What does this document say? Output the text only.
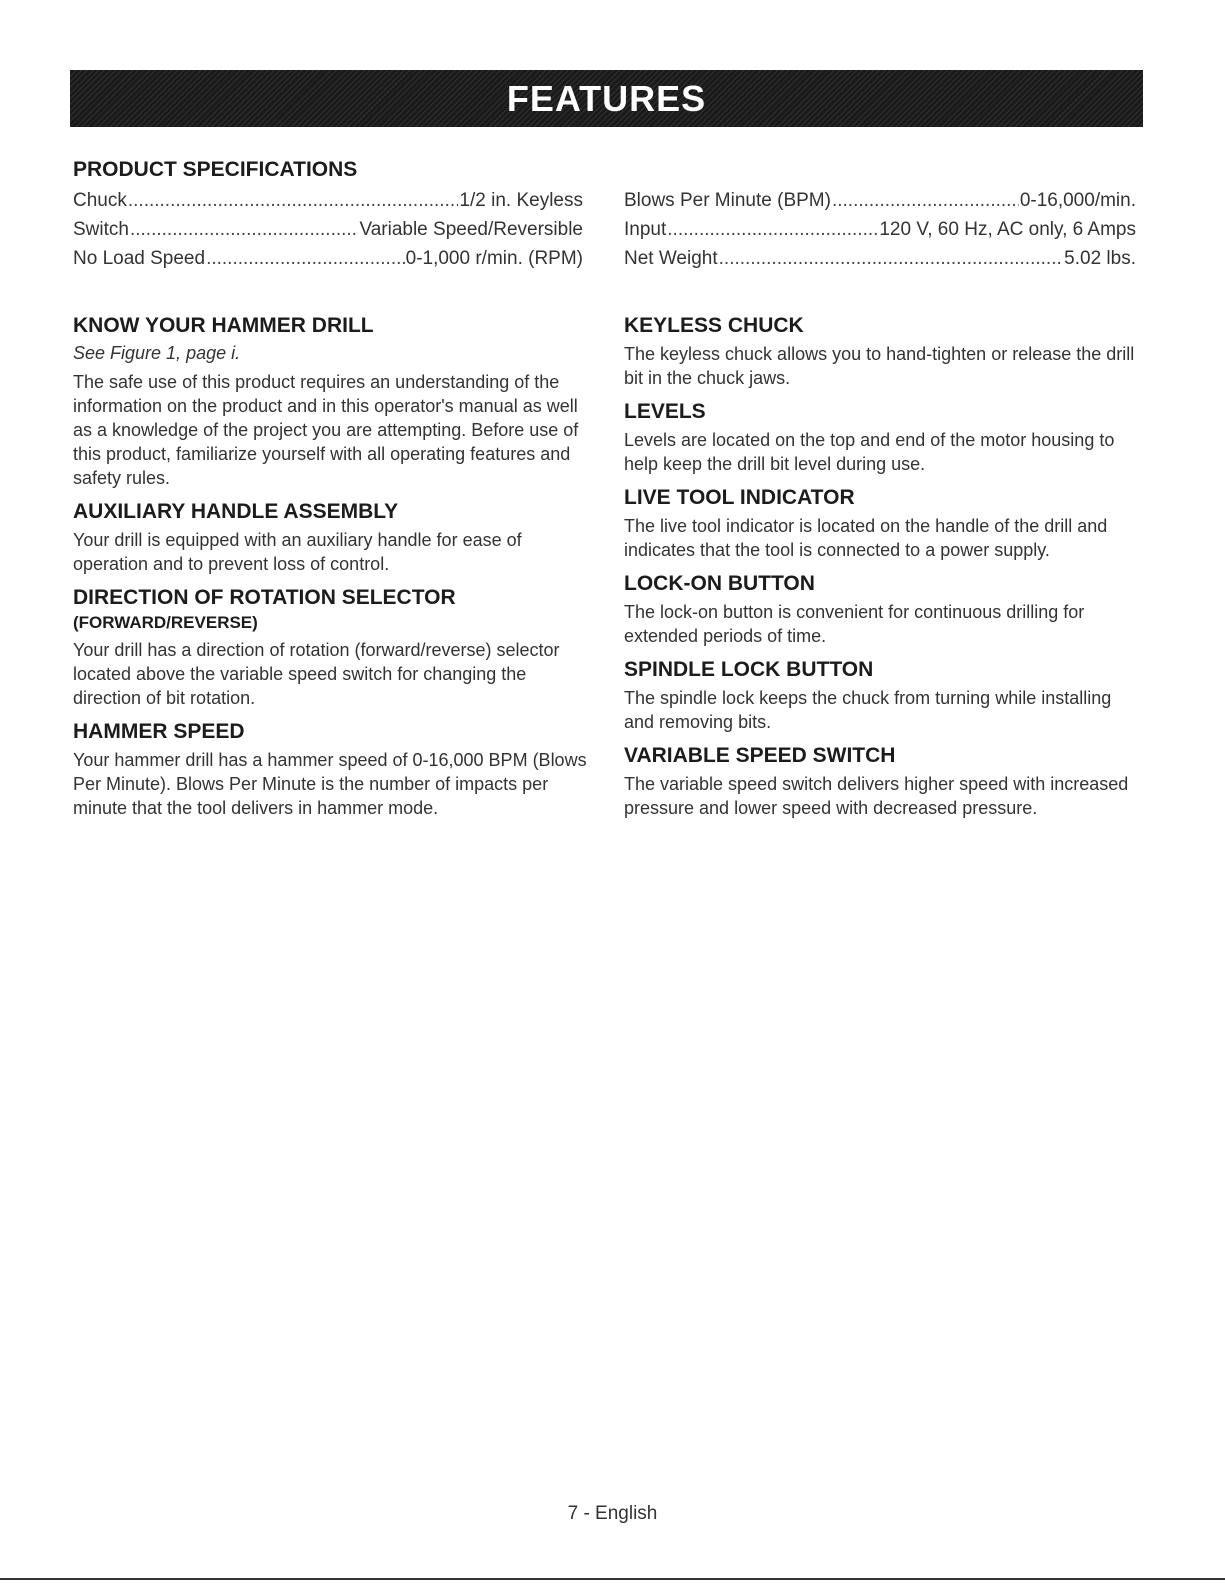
FEATURES
PRODUCT SPECIFICATIONS
Chuck .....	1/2 in. Keyless
Switch .....	Variable Speed/Reversible
No Load Speed .....	0-1,000 r/min. (RPM)
Blows Per Minute (BPM) .....	0-16,000/min.
Input .....	120 V, 60 Hz, AC only, 6 Amps
Net Weight .....	5.02 lbs.
KNOW YOUR HAMMER DRILL
See Figure 1, page i.

The safe use of this product requires an understanding of the information on the product and in this operator's manual as well as a knowledge of the project you are attempting. Before use of this product, familiarize yourself with all operating features and safety rules.

AUXILIARY HANDLE ASSEMBLY

Your drill is equipped with an auxiliary handle for ease of operation and to prevent loss of control.

DIRECTION OF ROTATION SELECTOR
(FORWARD/REVERSE)

Your drill has a direction of rotation (forward/reverse) selector located above the variable speed switch for changing the direction of bit rotation.

HAMMER SPEED

Your hammer drill has a hammer speed of 0-16,000 BPM (Blows Per Minute). Blows Per Minute is the number of impacts per minute that the tool delivers in hammer mode.

KEYLESS CHUCK

The keyless chuck allows you to hand-tighten or release the drill bit in the chuck jaws.

LEVELS

Levels are located on the top and end of the motor housing to help keep the drill bit level during use.

LIVE TOOL INDICATOR

The live tool indicator is located on the handle of the drill and indicates that the tool is connected to a power supply.

LOCK-ON BUTTON

The lock-on button is convenient for continuous drilling for extended periods of time.

SPINDLE LOCK BUTTON

The spindle lock keeps the chuck from turning while installing and removing bits.

VARIABLE SPEED SWITCH

The variable speed switch delivers higher speed with increased pressure and lower speed with decreased pressure.

7 - English
